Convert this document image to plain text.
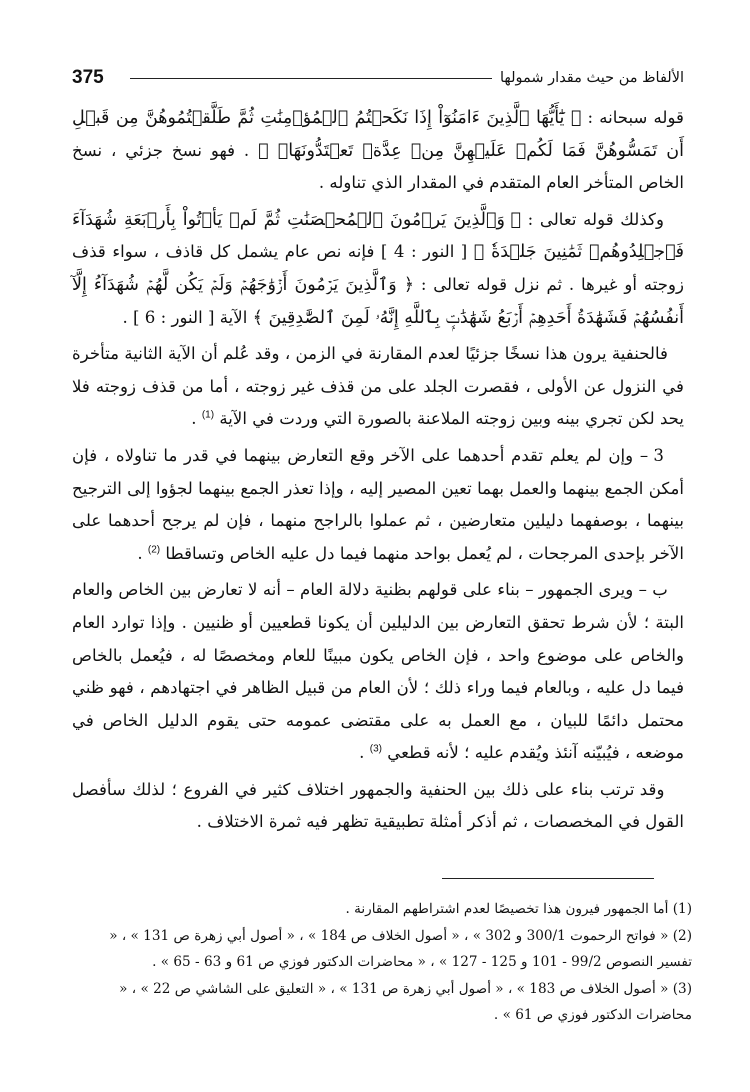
375	الألفاظ من حيث مقدار شمولها

قوله سبحانه : ﴿ يَٰٓأَيُّهَا ٱلَّذِينَ ءَامَنُوٓاْ إِذَا نَكَحۡتُمُ ٱلۡمُؤۡمِنَٰتِ ثُمَّ طَلَّقۡتُمُوهُنَّ مِن قَبۡلِ أَن تَمَسُّوهُنَّ فَمَا لَكُمۡ عَلَيۡهِنَّ مِنۡ عِدَّةٖ تَعۡتَدُّونَهَاۖ ﴾ . فهو نسخ جزئي ، نسخ الخاص المتأخر العام المتقدم في المقدار الذي تناوله .

وكذلك قوله تعالى : ﴿ وَٱلَّذِينَ يَرۡمُونَ ٱلۡمُحۡصَنَٰتِ ثُمَّ لَمۡ يَأۡتُواْ بِأَرۡبَعَةِ شُهَدَآءَ فَٱجۡلِدُوهُمۡ ثَمَٰنِينَ جَلۡدَةٗ ﴾ [ النور : 4 ] فإنه نص عام يشمل كل قاذف ، سواء قذف زوجته أو غيرها . ثم نزل قوله تعالى : ﴿ وَٱلَّذِينَ يَرۡمُونَ أَزۡوَٰجَهُمۡ وَلَمۡ يَكُن لَّهُمۡ شُهَدَآءُ إِلَّآ أَنفُسُهُمۡ فَشَهَٰدَةُ أَحَدِهِمۡ أَرۡبَعُ شَهَٰدَٰتِۭ بِٱللَّهِ إِنَّهُۥ لَمِنَ ٱلصَّٰدِقِينَ ﴾ الآية [ النور : 6 ] .

فالحنفية يرون هذا نسخًا جزئيًا لعدم المقارنة في الزمن ، وقد عُلم أن الآية الثانية متأخرة في النزول عن الأولى ، فقصرت الجلد على من قذف غير زوجته ، أما من قذف زوجته فلا يحد لكن تجري بينه وبين زوجته الملاعنة بالصورة التي وردت في الآية $^{(1)}$ .

3 – وإن لم يعلم تقدم أحدهما على الآخر وقع التعارض بينهما في قدر ما تناولاه ، فإن أمكن الجمع بينهما والعمل بهما تعين المصير إليه ، وإذا تعذر الجمع بينهما لجؤوا إلى الترجيح بينهما ، بوصفهما دليلين متعارضين ، ثم عملوا بالراجح منهما ، فإن لم يرجح أحدهما على الآخر بإحدى المرجحات ، لم يُعمل بواحد منهما فيما دل عليه الخاص وتساقطا $^{(2)}$ .

ب – ويرى الجمهور – بناء على قولهم بظنية دلالة العام – أنه لا تعارض بين الخاص والعام البتة ؛ لأن شرط تحقق التعارض بين الدليلين أن يكونا قطعيين أو ظنيين . وإذا توارد العام والخاص على موضوع واحد ، فإن الخاص يكون مبينًا للعام ومخصصًا له ، فيُعمل بالخاص فيما دل عليه ، وبالعام فيما وراء ذلك ؛ لأن العام من قبيل الظاهر في اجتهادهم ، فهو ظني محتمل دائمًا للبيان ، مع العمل به على مقتضى عمومه حتى يقوم الدليل الخاص في موضعه ، فيُبيّنه آنئذ ويُقدم عليه ؛ لأنه قطعي $^{(3)}$ .

وقد ترتب بناء على ذلك بين الحنفية والجمهور اختلاف كثير في الفروع ؛ لذلك سأفصل القول في المخصصات ، ثم أذكر أمثلة تطبيقية تظهر فيه ثمرة الاختلاف .

(1) أما الجمهور فيرون هذا تخصيصًا لعدم اشتراطهم المقارنة .

(2) « فواتح الرحموت 300/1 و 302 » ، « أصول الخلاف ص 184 » ، « أصول أبي زهرة ص 131 » ، « تفسير النصوص 99/2 - 101 و 125 - 127 » ، « محاضرات الدكتور فوزي ص 61 و 63 - 65 » .

(3) « أصول الخلاف ص 183 » ، « أصول أبي زهرة ص 131 » ، « التعليق على الشاشي ص 22 » ، « محاضرات الدكتور فوزي ص 61 » .
